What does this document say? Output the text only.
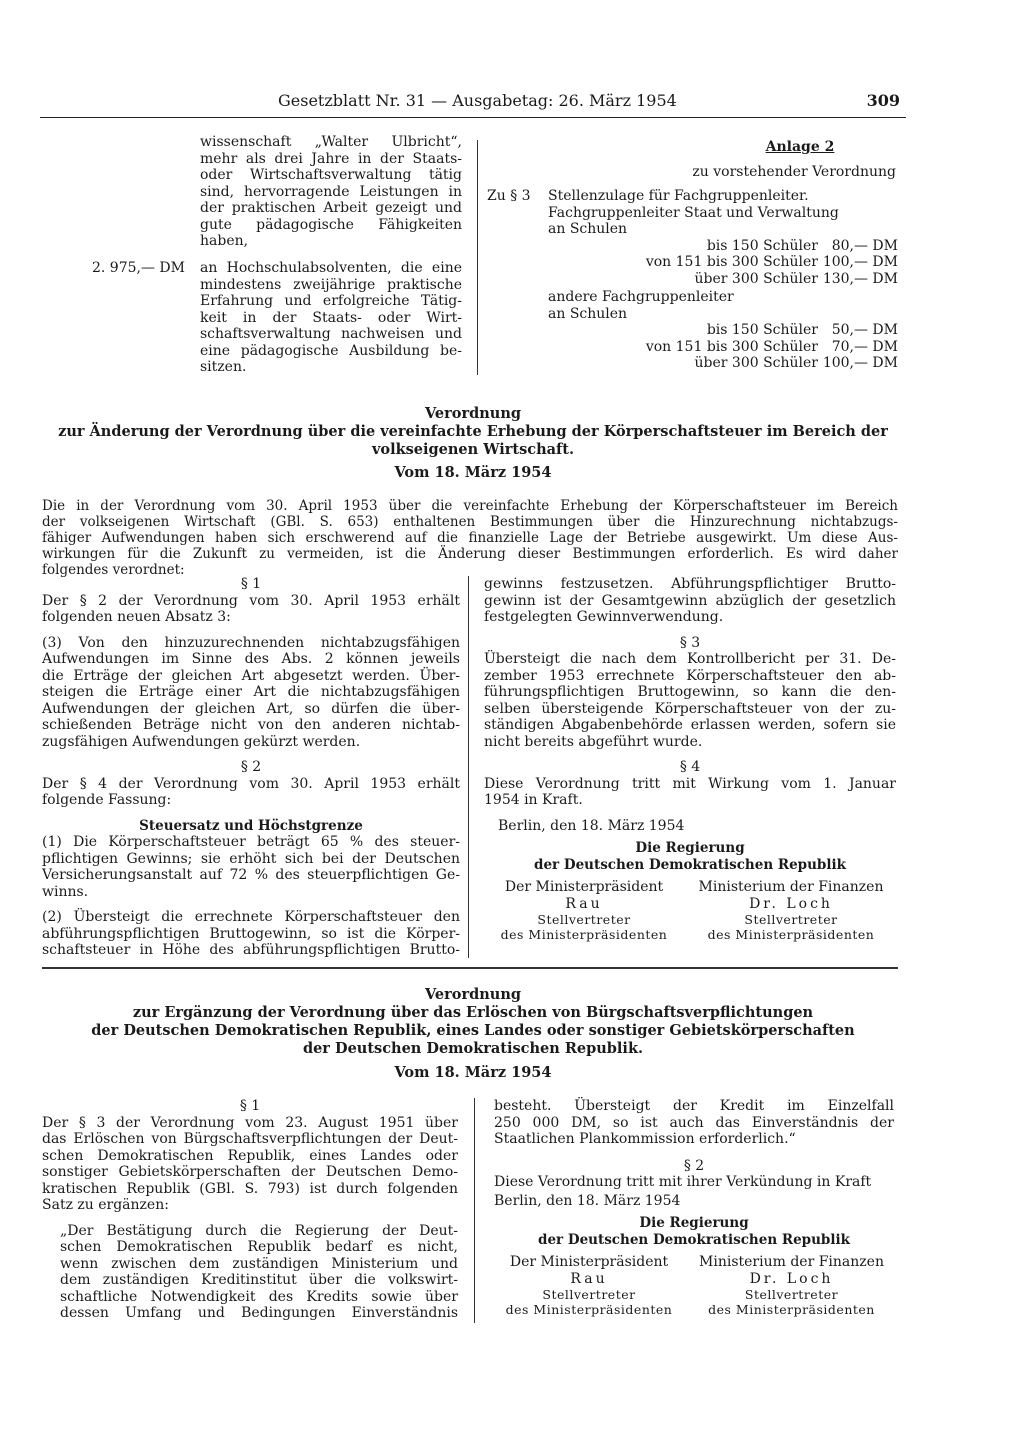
Gesetzblatt Nr. 31 — Ausgabetag: 26. März 1954	309

wissenschaft „Walter Ulbricht“,

mehr als drei Jahre in der Staats-

oder Wirtschaftsverwaltung tätig

sind, hervorragende Leistungen in

der praktischen Arbeit gezeigt und

gute pädagogische Fähigkeiten

haben,

2. 975,— DM	an Hochschulabsolventen, die eine

mindestens zweijährige praktische

Erfahrung und erfolgreiche Tätig-

keit in der Staats- oder Wirt-

schaftsverwaltung nachweisen und

eine pädagogische Ausbildung be-

sitzen.

Anlage 2
zu vorstehender Verordnung
Zu § 3	Stellenzulage für Fachgruppenleiter.

Fachgruppenleiter Staat und Verwaltung

an Schulen

bis 150 Schüler 80,— DM
von 151 bis 300 Schüler 100,— DM
über 300 Schüler 130,— DM

andere Fachgruppenleiter

an Schulen

bis 150 Schüler 50,— DM
von 151 bis 300 Schüler 70,— DM
über 300 Schüler 100,— DM
Verordnung
zur Änderung der Verordnung über die vereinfachte Erhebung der Körperschaftsteuer im Bereich der
volkseigenen Wirtschaft.
Vom 18. März 1954

Die in der Verordnung vom 30. April 1953 über die vereinfachte Erhebung der Körperschaftsteuer im Bereich

der volkseigenen Wirtschaft (GBl. S. 653) enthaltenen Bestimmungen über die Hinzurechnung nichtabzugs-

fähiger Aufwendungen haben sich erschwerend auf die finanzielle Lage der Betriebe ausgewirkt. Um diese Aus-

wirkungen für die Zukunft zu vermeiden, ist die Änderung dieser Bestimmungen erforderlich. Es wird daher

folgendes verordnet:

§ 1

Der § 2 der Verordnung vom 30. April 1953 erhält

folgenden neuen Absatz 3:

(3) Von den hinzuzurechnenden nichtabzugsfähigen

Aufwendungen im Sinne des Abs. 2 können jeweils

die Erträge der gleichen Art abgesetzt werden. Über-

steigen die Erträge einer Art die nichtabzugsfähigen

Aufwendungen der gleichen Art, so dürfen die über-

schießenden Beträge nicht von den anderen nichtab-

zugsfähigen Aufwendungen gekürzt werden.

§ 2

Der § 4 der Verordnung vom 30. April 1953 erhält

folgende Fassung:

Steuersatz und Höchstgrenze

(1) Die Körperschaftsteuer beträgt 65 % des steuer-

pflichtigen Gewinns; sie erhöht sich bei der Deutschen

Versicherungsanstalt auf 72 % des steuerpflichtigen Ge-

winns.

(2) Übersteigt die errechnete Körperschaftsteuer den

abführungspflichtigen Bruttogewinn, so ist die Körper-

schaftsteuer in Höhe des abführungspflichtigen Brutto-

gewinns festzusetzen. Abführungspflichtiger Brutto-

gewinn ist der Gesamtgewinn abzüglich der gesetzlich

festgelegten Gewinnverwendung.

§ 3

Übersteigt die nach dem Kontrollbericht per 31. De-

zember 1953 errechnete Körperschaftsteuer den ab-

führungspflichtigen Bruttogewinn, so kann die den-

selben übersteigende Körperschaftsteuer von der zu-

ständigen Abgabenbehörde erlassen werden, sofern sie

nicht bereits abgeführt wurde.

§ 4

Diese Verordnung tritt mit Wirkung vom 1. Januar

1954 in Kraft.

Berlin, den 18. März 1954

Die Regierung

der Deutschen Demokratischen Republik

Der Ministerpräsident

Rau

Stellvertreter

des Ministerpräsidenten

Ministerium der Finanzen

Dr. Loch

Stellvertreter

des Ministerpräsidenten

Verordnung
zur Ergänzung der Verordnung über das Erlöschen von Bürgschaftsverpflichtungen
der Deutschen Demokratischen Republik, eines Landes oder sonstiger Gebietskörperschaften
der Deutschen Demokratischen Republik.
Vom 18. März 1954

§ 1

Der § 3 der Verordnung vom 23. August 1951 über

das Erlöschen von Bürgschaftsverpflichtungen der Deut-

schen Demokratischen Republik, eines Landes oder

sonstiger Gebietskörperschaften der Deutschen Demo-

kratischen Republik (GBl. S. 793) ist durch folgenden

Satz zu ergänzen:

„Der Bestätigung durch die Regierung der Deut-

schen Demokratischen Republik bedarf es nicht,

wenn zwischen dem zuständigen Ministerium und

dem zuständigen Kreditinstitut über die volkswirt-

schaftliche Notwendigkeit des Kredits sowie über

dessen Umfang und Bedingungen Einverständnis

besteht. Übersteigt der Kredit im Einzelfall

250 000 DM, so ist auch das Einverständnis der

Staatlichen Plankommission erforderlich.“

§ 2

Diese Verordnung tritt mit ihrer Verkündung in Kraft

Berlin, den 18. März 1954

Die Regierung

der Deutschen Demokratischen Republik

Der Ministerpräsident

Rau

Stellvertreter

des Ministerpräsidenten

Ministerium der Finanzen

Dr. Loch

Stellvertreter

des Ministerpräsidenten
